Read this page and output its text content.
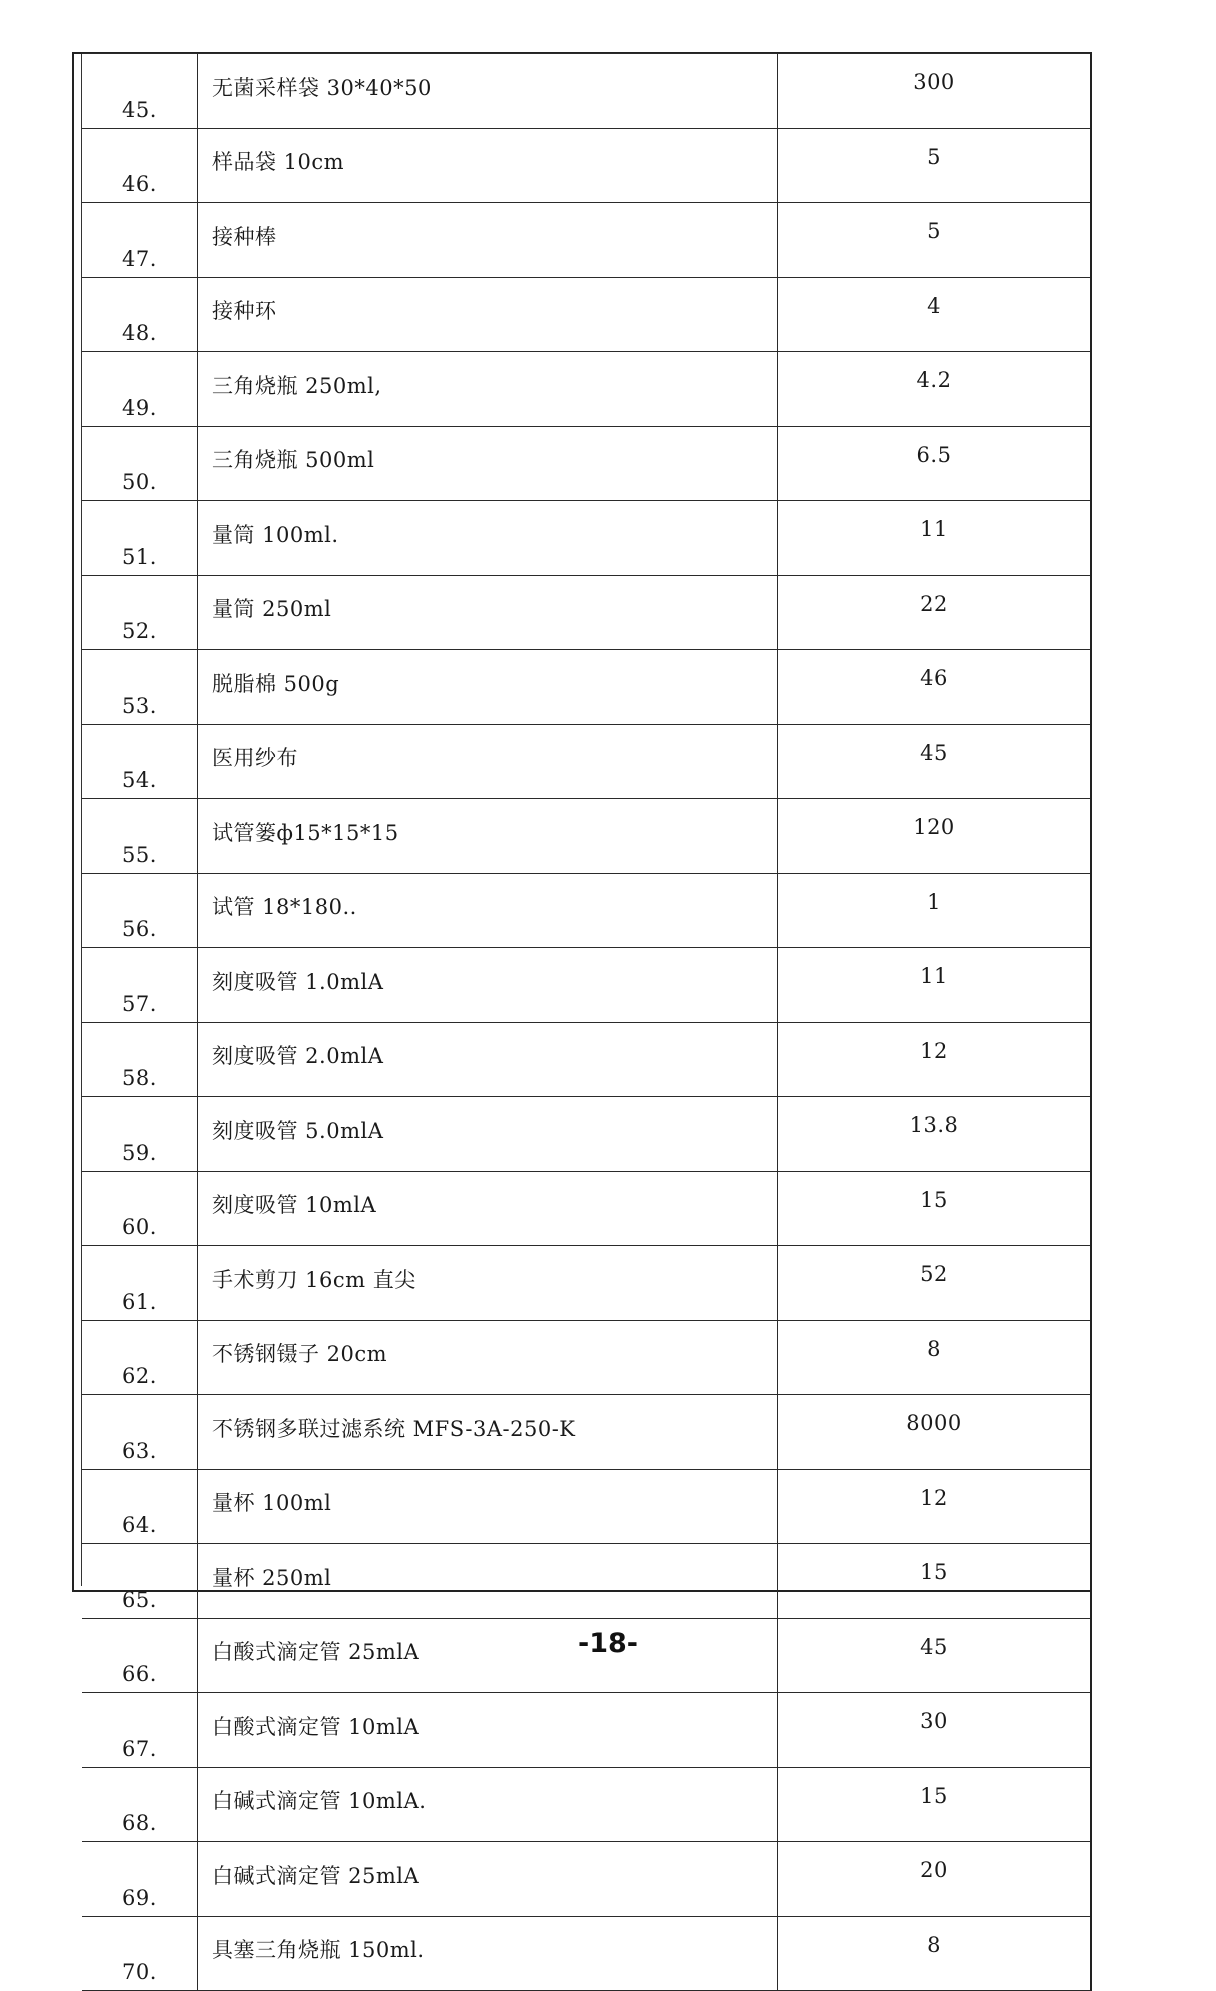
45.	无菌采样袋 30*40*50	300
46.	样品袋 10cm	5
47.	接种棒	5
48.	接种环	4
49.	三角烧瓶 250ml,	4.2
50.	三角烧瓶 500ml	6.5
51.	量筒 100ml.	11
52.	量筒 250ml	22
53.	脱脂棉 500g	46
54.	医用纱布	45
55.	试管篓ф15*15*15	120
56.	试管 18*180..	1
57.	刻度吸管 1.0mlA	11
58.	刻度吸管 2.0mlA	12
59.	刻度吸管 5.0mlA	13.8
60.	刻度吸管 10mlA	15
61.	手术剪刀 16cm 直尖	52
62.	不锈钢镊子 20cm	8
63.	不锈钢多联过滤系统 MFS-3A-250-K	8000
64.	量杯 100ml	12
65.	量杯 250ml	15
66.	白酸式滴定管 25mlA	45
67.	白酸式滴定管 10mlA	30
68.	白碱式滴定管 10mlA.	15
69.	白碱式滴定管 25mlA	20
70.	具塞三角烧瓶 150ml.	8
-18-
